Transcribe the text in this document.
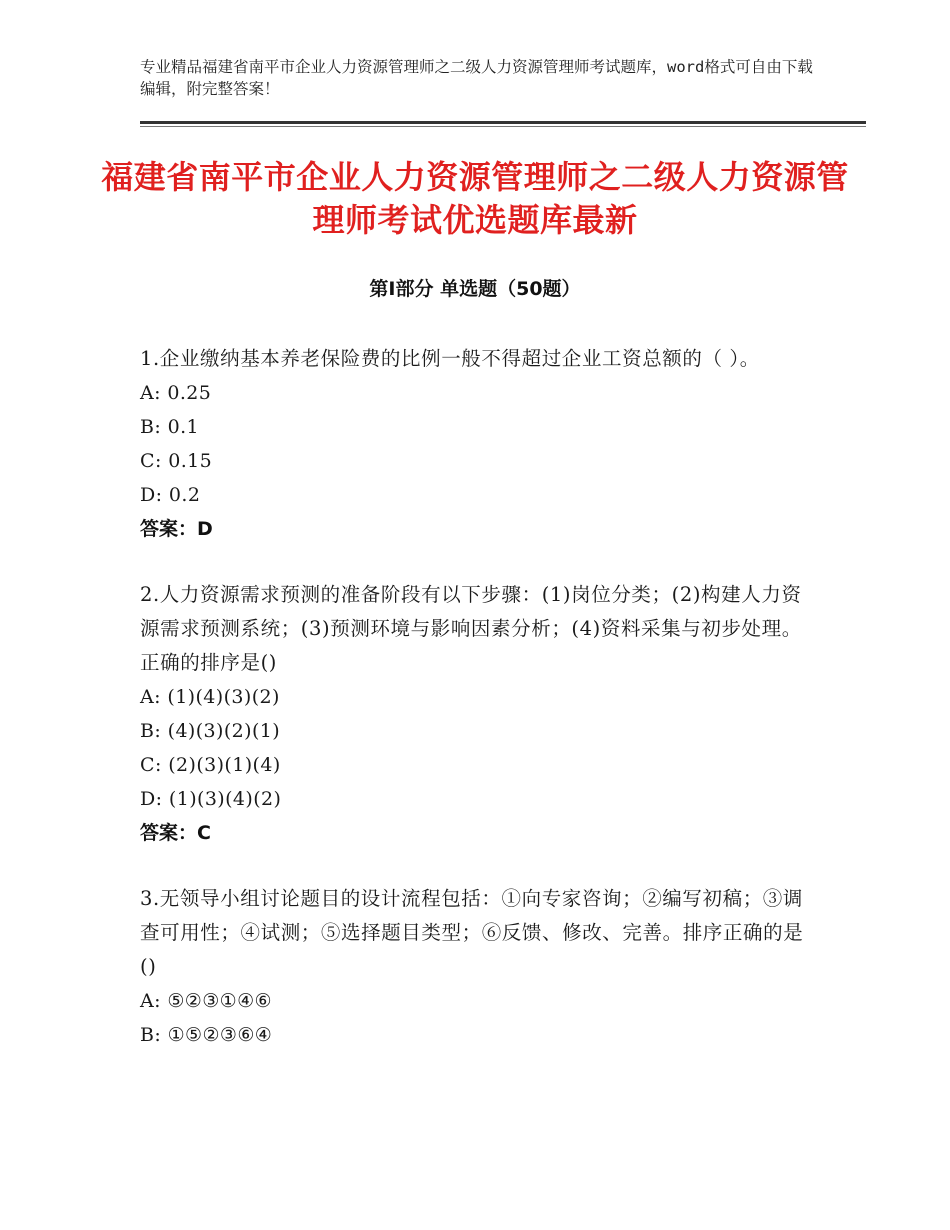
专业精品福建省南平市企业人力资源管理师之二级人力资源管理师考试题库，word格式可自由下载编辑，附完整答案！
福建省南平市企业人力资源管理师之二级人力资源管理师考试优选题库最新
第Ⅰ部分 单选题（50题）
1.企业缴纳基本养老保险费的比例一般不得超过企业工资总额的（ ）。
A: 0.25
B: 0.1
C: 0.15
D: 0.2
答案：D
2.人力资源需求预测的准备阶段有以下步骤：(1)岗位分类；(2)构建人力资源需求预测系统；(3)预测环境与影响因素分析；(4)资料采集与初步处理。正确的排序是()
A: (1)(4)(3)(2)
B: (4)(3)(2)(1)
C: (2)(3)(1)(4)
D: (1)(3)(4)(2)
答案：C
3.无领导小组讨论题目的设计流程包括：①向专家咨询；②编写初稿；③调查可用性；④试测；⑤选择题目类型；⑥反馈、修改、完善。排序正确的是()
A: ⑤②③①④⑥
B: ①⑤②③⑥④
